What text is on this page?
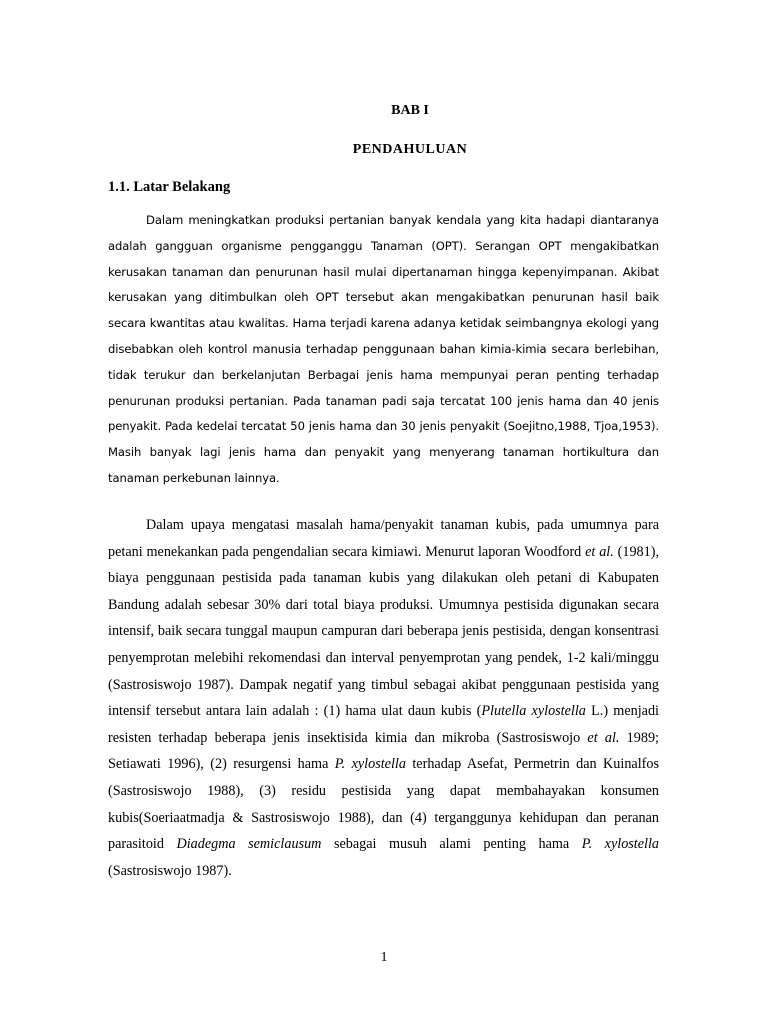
BAB I
PENDAHULUAN
1.1. Latar Belakang

Dalam meningkatkan produksi pertanian banyak kendala yang kita hadapi diantaranya adalah gangguan organisme pengganggu Tanaman (OPT). Serangan OPT mengakibatkan kerusakan tanaman dan penurunan hasil mulai dipertanaman hingga kepenyimpanan. Akibat kerusakan yang ditimbulkan oleh OPT tersebut akan mengakibatkan penurunan hasil baik secara kwantitas atau kwalitas. Hama terjadi karena adanya ketidak seimbangnya ekologi yang disebabkan oleh kontrol manusia terhadap penggunaan bahan kimia-kimia secara berlebihan, tidak terukur dan berkelanjutan Berbagai jenis hama mempunyai peran penting terhadap penurunan produksi pertanian. Pada tanaman padi saja tercatat 100 jenis hama dan 40 jenis penyakit. Pada kedelai tercatat 50 jenis hama dan 30 jenis penyakit (Soejitno,1988, Tjoa,1953). Masih banyak lagi jenis hama dan penyakit yang menyerang tanaman hortikultura dan tanaman perkebunan lainnya.

Dalam upaya mengatasi masalah hama/penyakit tanaman kubis, pada umumnya para petani menekankan pada pengendalian secara kimiawi. Menurut laporan Woodford et al. (1981), biaya penggunaan pestisida pada tanaman kubis yang dilakukan oleh petani di Kabupaten Bandung adalah sebesar 30% dari total biaya produksi. Umumnya pestisida digunakan secara intensif, baik secara tunggal maupun campuran dari beberapa jenis pestisida, dengan konsentrasi penyemprotan melebihi rekomendasi dan interval penyemprotan yang pendek, 1-2 kali/minggu (Sastrosiswojo 1987). Dampak negatif yang timbul sebagai akibat penggunaan pestisida yang intensif tersebut antara lain adalah : (1) hama ulat daun kubis (Plutella xylostella L.) menjadi resisten terhadap beberapa jenis insektisida kimia dan mikroba (Sastrosiswojo et al. 1989; Setiawati 1996), (2) resurgensi hama P. xylostella terhadap Asefat, Permetrin dan Kuinalfos (Sastrosiswojo 1988), (3) residu pestisida yang dapat membahayakan konsumen kubis(Soeriaatmadja & Sastrosiswojo 1988), dan (4) terganggunya kehidupan dan peranan parasitoid Diadegma semiclausum sebagai musuh alami penting hama P. xylostella (Sastrosiswojo 1987).

1
